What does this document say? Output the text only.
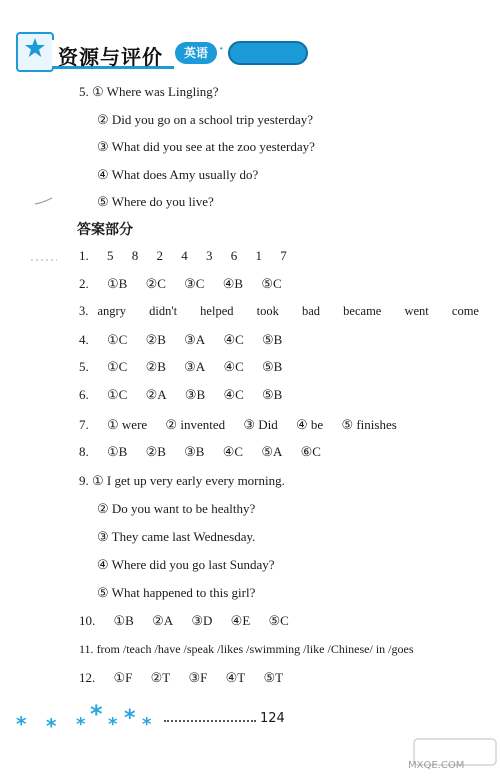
资源与评价	英语 ·	›››
5. ① Where was Lingling?
② Did you go on a school trip yesterday?
③ What did you see at the zoo yesterday?
④ What does Amy usually do?
⑤ Where do you live?
答案部分
1. 5 8 2 4 3 6 1 7
2. ①B ②C ③C ④B ⑤C
3. angry didn't helped took bad became went come
4. ①C ②B ③A ④C ⑤B
5. ①C ②B ③A ④C ⑤B
6. ①C ②A ③B ④C ⑤B
7. ① were ② invented ③ Did ④ be ⑤ finishes
8. ①B ②B ③B ④C ⑤A ⑥C
9. ① I get up very early every morning.
② Do you want to be healthy?
③ They came last Wednesday.
④ Where did you go last Sunday?
⑤ What happened to this girl?
10. ①B ②A ③D ④E ⑤C
11. from /teach /have /speak /likes /swimming /like /Chinese/ in /goes
12. ①F ②T ③F ④T ⑤T
* * * * * * *	124
MXQE.COM
